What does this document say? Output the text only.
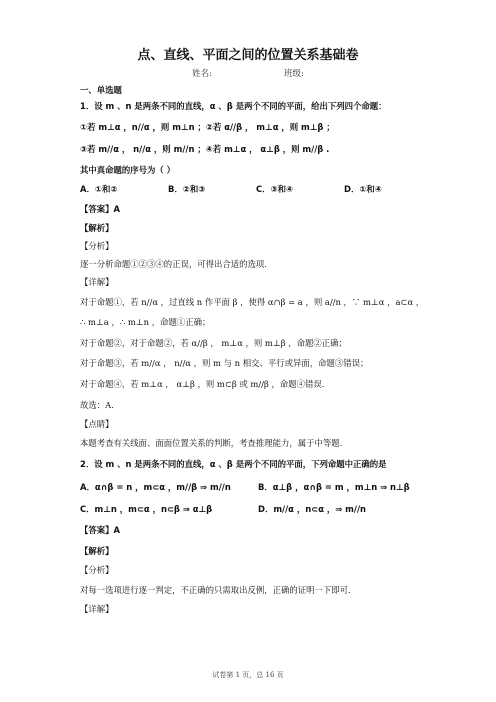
点、直线、平面之间的位置关系基础卷
姓名:	班级:
一、单选题
1．设 m 、n 是两条不同的直线，α 、β 是两个不同的平面，给出下列四个命题：
①若 m⊥α ，n//α ，则 m⊥n ；②若 α//β ， m⊥α ，则 m⊥β ；
③若 m//α ， n//α ，则 m//n ；④若 m⊥α ， α⊥β ，则 m//β .
其中真命题的序号为（ ）
A．①和②	B．②和③	C．③和④	D．①和④
【答案】A
【解析】
【分析】
逐一分析命题①②③④的正误，可得出合适的选项.
【详解】
对于命题①，若 n//α ，过直线 n 作平面 β ，使得 α∩β = a ，则 a//n ，∵ m⊥α ，a⊂α ，
∴ m⊥a ，∴ m⊥n ，命题①正确；
对于命题②，对于命题②，若 α//β ， m⊥α ，则 m⊥β ，命题②正确；
对于命题③，若 m//α ， n//α ，则 m 与 n 相交、平行或异面，命题③错误；
对于命题④，若 m⊥α ， α⊥β ，则 m⊂β 或 m//β ，命题④错误.
故选：A.
【点睛】
本题考查有关线面、面面位置关系的判断，考查推理能力，属于中等题.
2．设 m 、n 是两条不同的直线，α 、β 是两个不同的平面，下列命题中正确的是
A．α∩β = n ，m⊂α ，m//β ⇒ m//n	B．α⊥β ，α∩β = m ，m⊥n ⇒ n⊥β
C．m⊥n ，m⊂α ，n⊂β ⇒ α⊥β	D．m//α ，n⊂α ，⇒ m//n
【答案】A
【解析】
【分析】
对每一选项进行逐一判定，不正确的只需取出反例，正确的证明一下即可.
【详解】
试卷第 1 页，总 16 页
